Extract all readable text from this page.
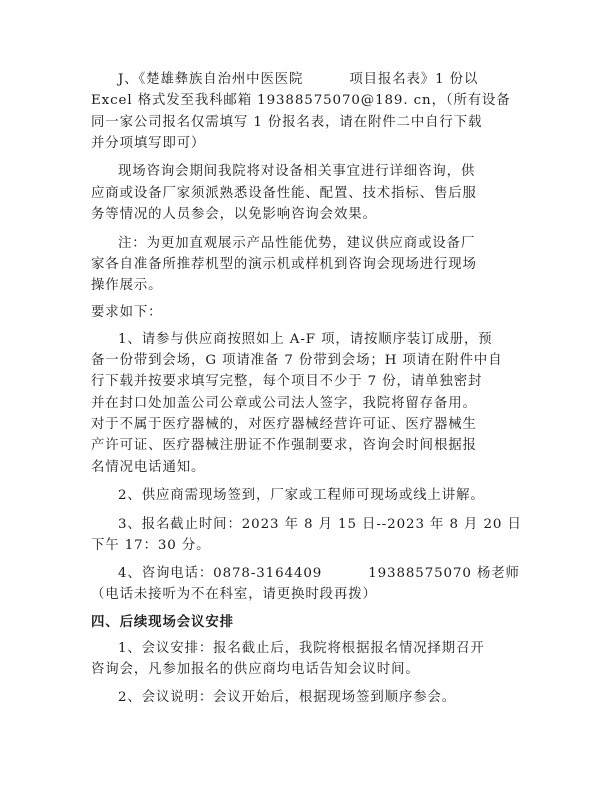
J、《楚雄彝族自治州中医医院	项目报名表》1 份以
Excel 格式发至我科邮箱 19388575070@189. cn，（所有设备
同一家公司报名仅需填写 1 份报名表，请在附件二中自行下载
并分项填写即可）
现场咨询会期间我院将对设备相关事宜进行详细咨询，供
应商或设备厂家须派熟悉设备性能、配置、技术指标、售后服
务等情况的人员参会，以免影响咨询会效果。
注：为更加直观展示产品性能优势，建议供应商或设备厂
家各自准备所推荐机型的演示机或样机到咨询会现场进行现场
操作展示。
要求如下：
1、请参与供应商按照如上 A-F 项，请按顺序装订成册，预
备一份带到会场，G 项请准备 7 份带到会场；H 项请在附件中自
行下载并按要求填写完整，每个项目不少于 7 份，请单独密封
并在封口处加盖公司公章或公司法人签字，我院将留存备用。
对于不属于医疗器械的，对医疗器械经营许可证、医疗器械生
产许可证、医疗器械注册证不作强制要求，咨询会时间根据报
名情况电话通知。
2、供应商需现场签到，厂家或工程师可现场或线上讲解。
3、报名截止时间：2023 年 8 月 15 日--2023 年 8 月 20 日
下午 17：30 分。
4、咨询电话：0878-3164409	19388575070 杨老师
（电话未接听为不在科室，请更换时段再拨）
四、后续现场会议安排
1、会议安排：报名截止后，我院将根据报名情况择期召开
咨询会，凡参加报名的供应商均电话告知会议时间。
2、会议说明：会议开始后，根据现场签到顺序参会。
